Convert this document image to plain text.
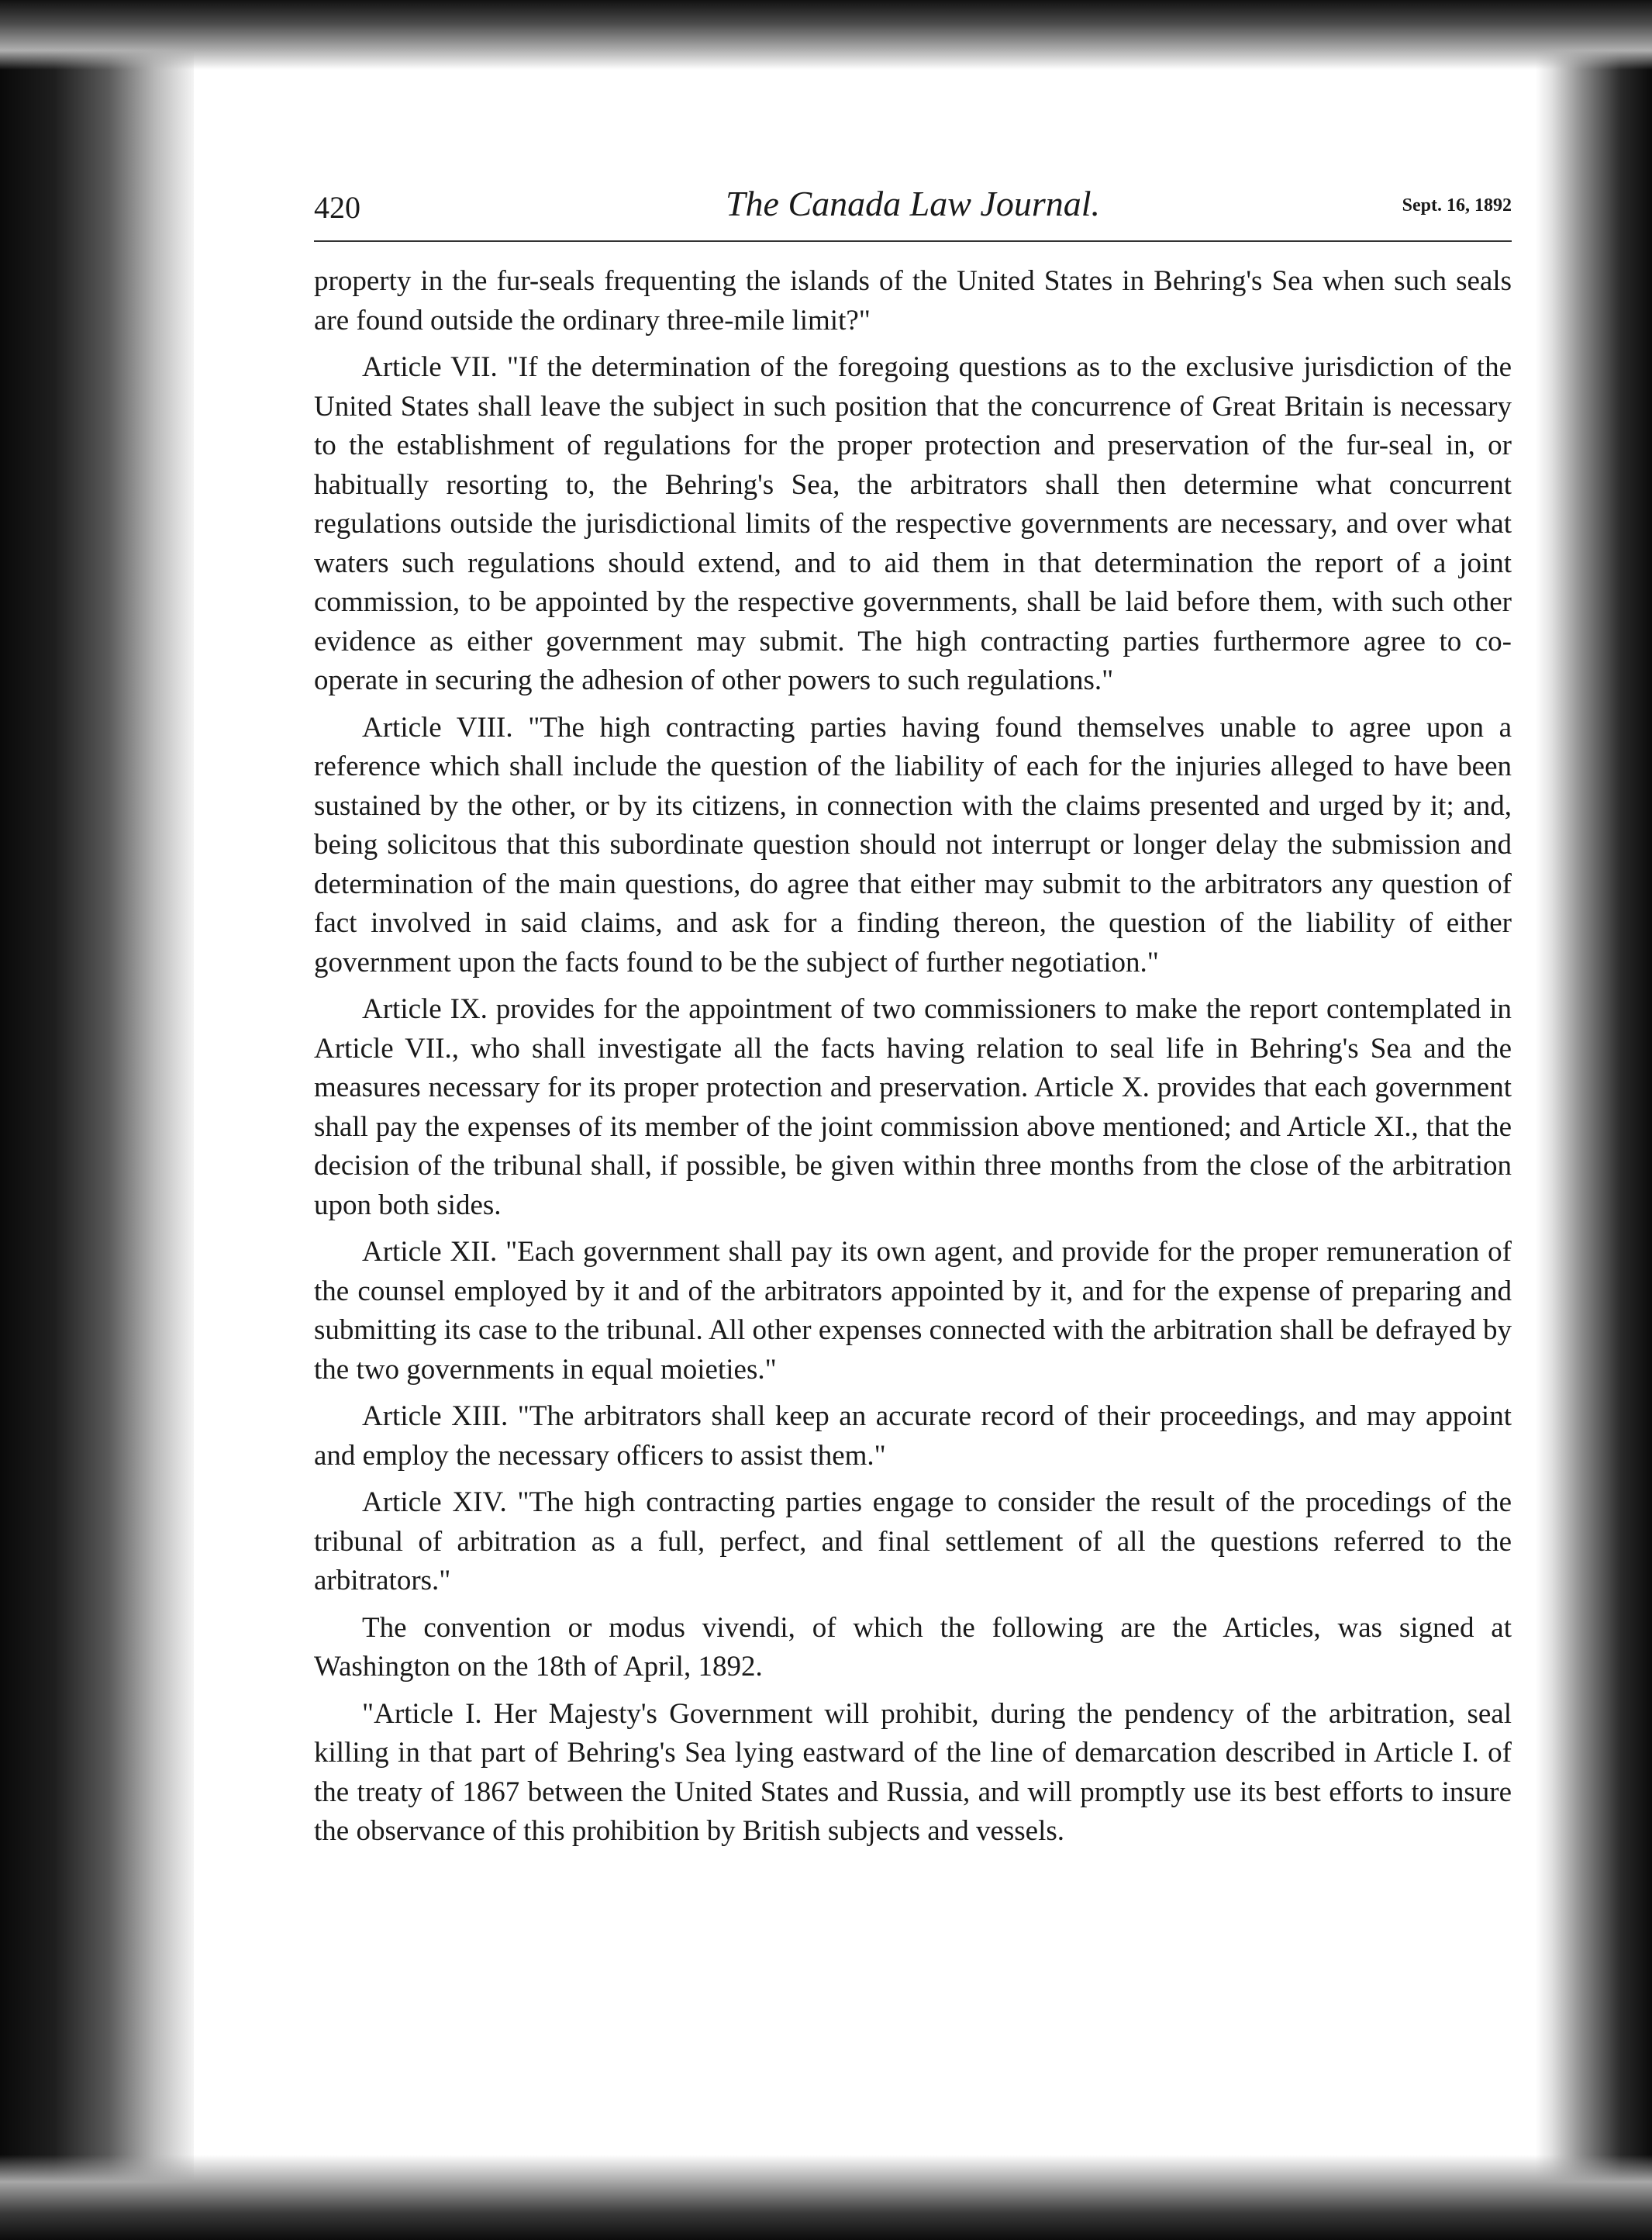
420	The Canada Law Journal.	Sept. 16, 1892

property in the fur-seals frequenting the islands of the United States in Behring's Sea when such seals are found outside the ordinary three-mile limit?"

Article VII. "If the determination of the foregoing questions as to the exclusive jurisdiction of the United States shall leave the subject in such position that the concurrence of Great Britain is necessary to the establishment of regulations for the proper protection and preservation of the fur-seal in, or habitually resorting to, the Behring's Sea, the arbitrators shall then determine what concurrent regulations outside the jurisdictional limits of the respective governments are necessary, and over what waters such regulations should extend, and to aid them in that determination the report of a joint commission, to be appointed by the respective governments, shall be laid before them, with such other evidence as either government may submit. The high contracting parties furthermore agree to co-operate in securing the adhesion of other powers to such regulations."

Article VIII. "The high contracting parties having found themselves unable to agree upon a reference which shall include the question of the liability of each for the injuries alleged to have been sustained by the other, or by its citizens, in connection with the claims presented and urged by it; and, being solicitous that this subordinate question should not interrupt or longer delay the submission and determination of the main questions, do agree that either may submit to the arbitrators any question of fact involved in said claims, and ask for a finding thereon, the question of the liability of either government upon the facts found to be the subject of further negotiation."

Article IX. provides for the appointment of two commissioners to make the report contemplated in Article VII., who shall investigate all the facts having relation to seal life in Behring's Sea and the measures necessary for its proper protection and preservation. Article X. provides that each government shall pay the expenses of its member of the joint commission above mentioned; and Article XI., that the decision of the tribunal shall, if possible, be given within three months from the close of the arbitration upon both sides.

Article XII. "Each government shall pay its own agent, and provide for the proper remuneration of the counsel employed by it and of the arbitrators appointed by it, and for the expense of preparing and submitting its case to the tribunal. All other expenses connected with the arbitration shall be defrayed by the two governments in equal moieties."

Article XIII. "The arbitrators shall keep an accurate record of their proceedings, and may appoint and employ the necessary officers to assist them."

Article XIV. "The high contracting parties engage to consider the result of the procedings of the tribunal of arbitration as a full, perfect, and final settlement of all the questions referred to the arbitrators."

The convention or modus vivendi, of which the following are the Articles, was signed at Washington on the 18th of April, 1892.

"Article I. Her Majesty's Government will prohibit, during the pendency of the arbitration, seal killing in that part of Behring's Sea lying eastward of the line of demarcation described in Article I. of the treaty of 1867 between the United States and Russia, and will promptly use its best efforts to insure the observance of this prohibition by British subjects and vessels.
